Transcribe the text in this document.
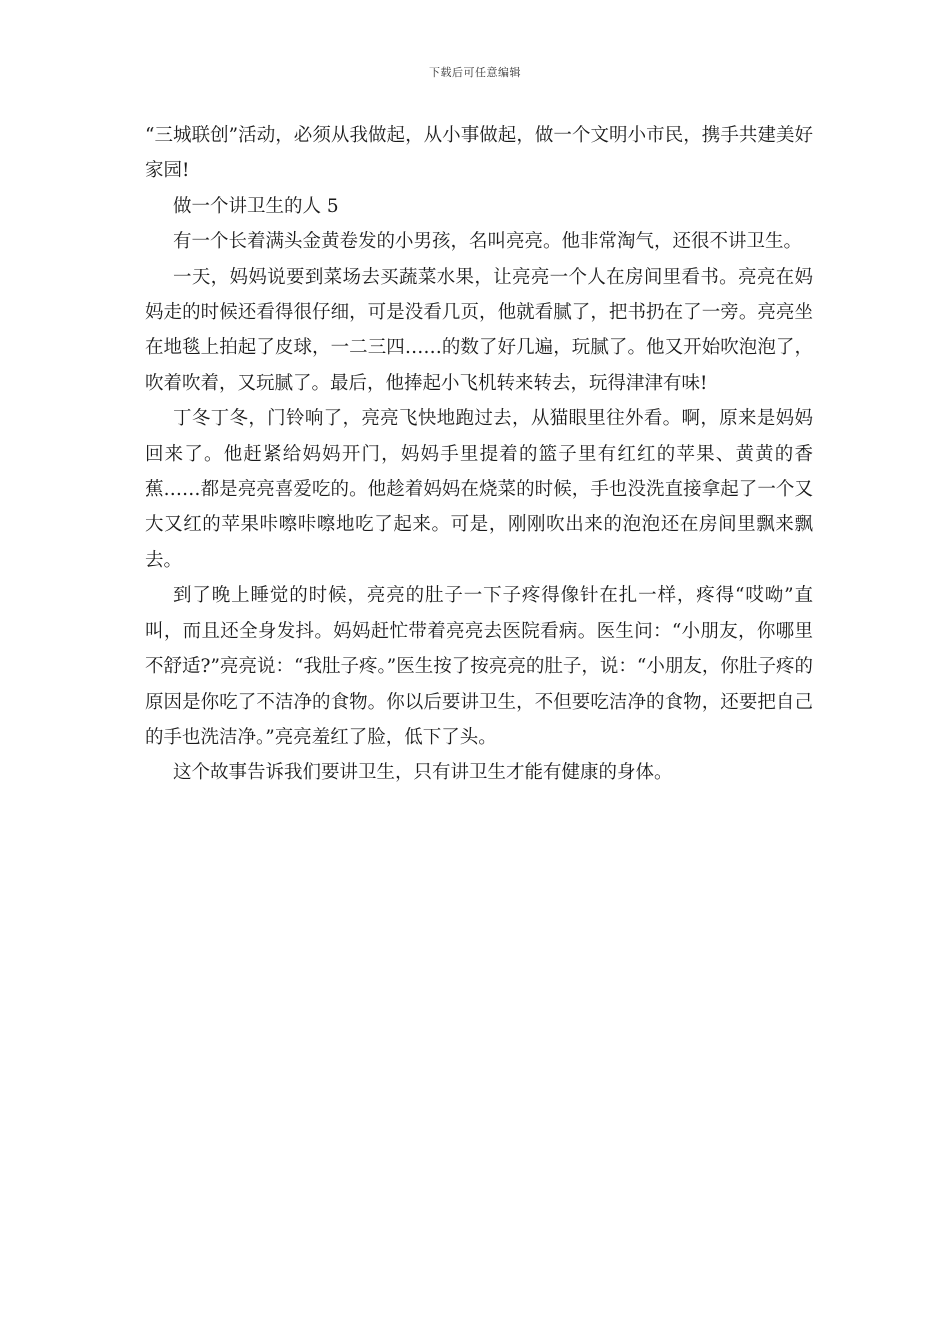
下载后可任意编辑

“三城联创”活动，必须从我做起，从小事做起，做一个文明小市民，携手共建美好家园!

做一个讲卫生的人 5

有一个长着满头金黄卷发的小男孩，名叫亮亮。他非常淘气，还很不讲卫生。

一天，妈妈说要到菜场去买蔬菜水果，让亮亮一个人在房间里看书。亮亮在妈妈走的时候还看得很仔细，可是没看几页，他就看腻了，把书扔在了一旁。亮亮坐在地毯上拍起了皮球，一二三四……的数了好几遍，玩腻了。他又开始吹泡泡了，吹着吹着，又玩腻了。最后，他捧起小飞机转来转去，玩得津津有味!

丁冬丁冬，门铃响了，亮亮飞快地跑过去，从猫眼里往外看。啊，原来是妈妈回来了。他赶紧给妈妈开门，妈妈手里提着的篮子里有红红的苹果、黄黄的香蕉……都是亮亮喜爱吃的。他趁着妈妈在烧菜的时候，手也没洗直接拿起了一个又大又红的苹果咔嚓咔嚓地吃了起来。可是，刚刚吹出来的泡泡还在房间里飘来飘去。

到了晚上睡觉的时候，亮亮的肚子一下子疼得像针在扎一样，疼得“哎呦”直叫，而且还全身发抖。妈妈赶忙带着亮亮去医院看病。医生问：“小朋友，你哪里不舒适?”亮亮说：“我肚子疼。”医生按了按亮亮的肚子，说：“小朋友，你肚子疼的原因是你吃了不洁净的食物。你以后要讲卫生，不但要吃洁净的食物，还要把自己的手也洗洁净。”亮亮羞红了脸，低下了头。

这个故事告诉我们要讲卫生，只有讲卫生才能有健康的身体。
